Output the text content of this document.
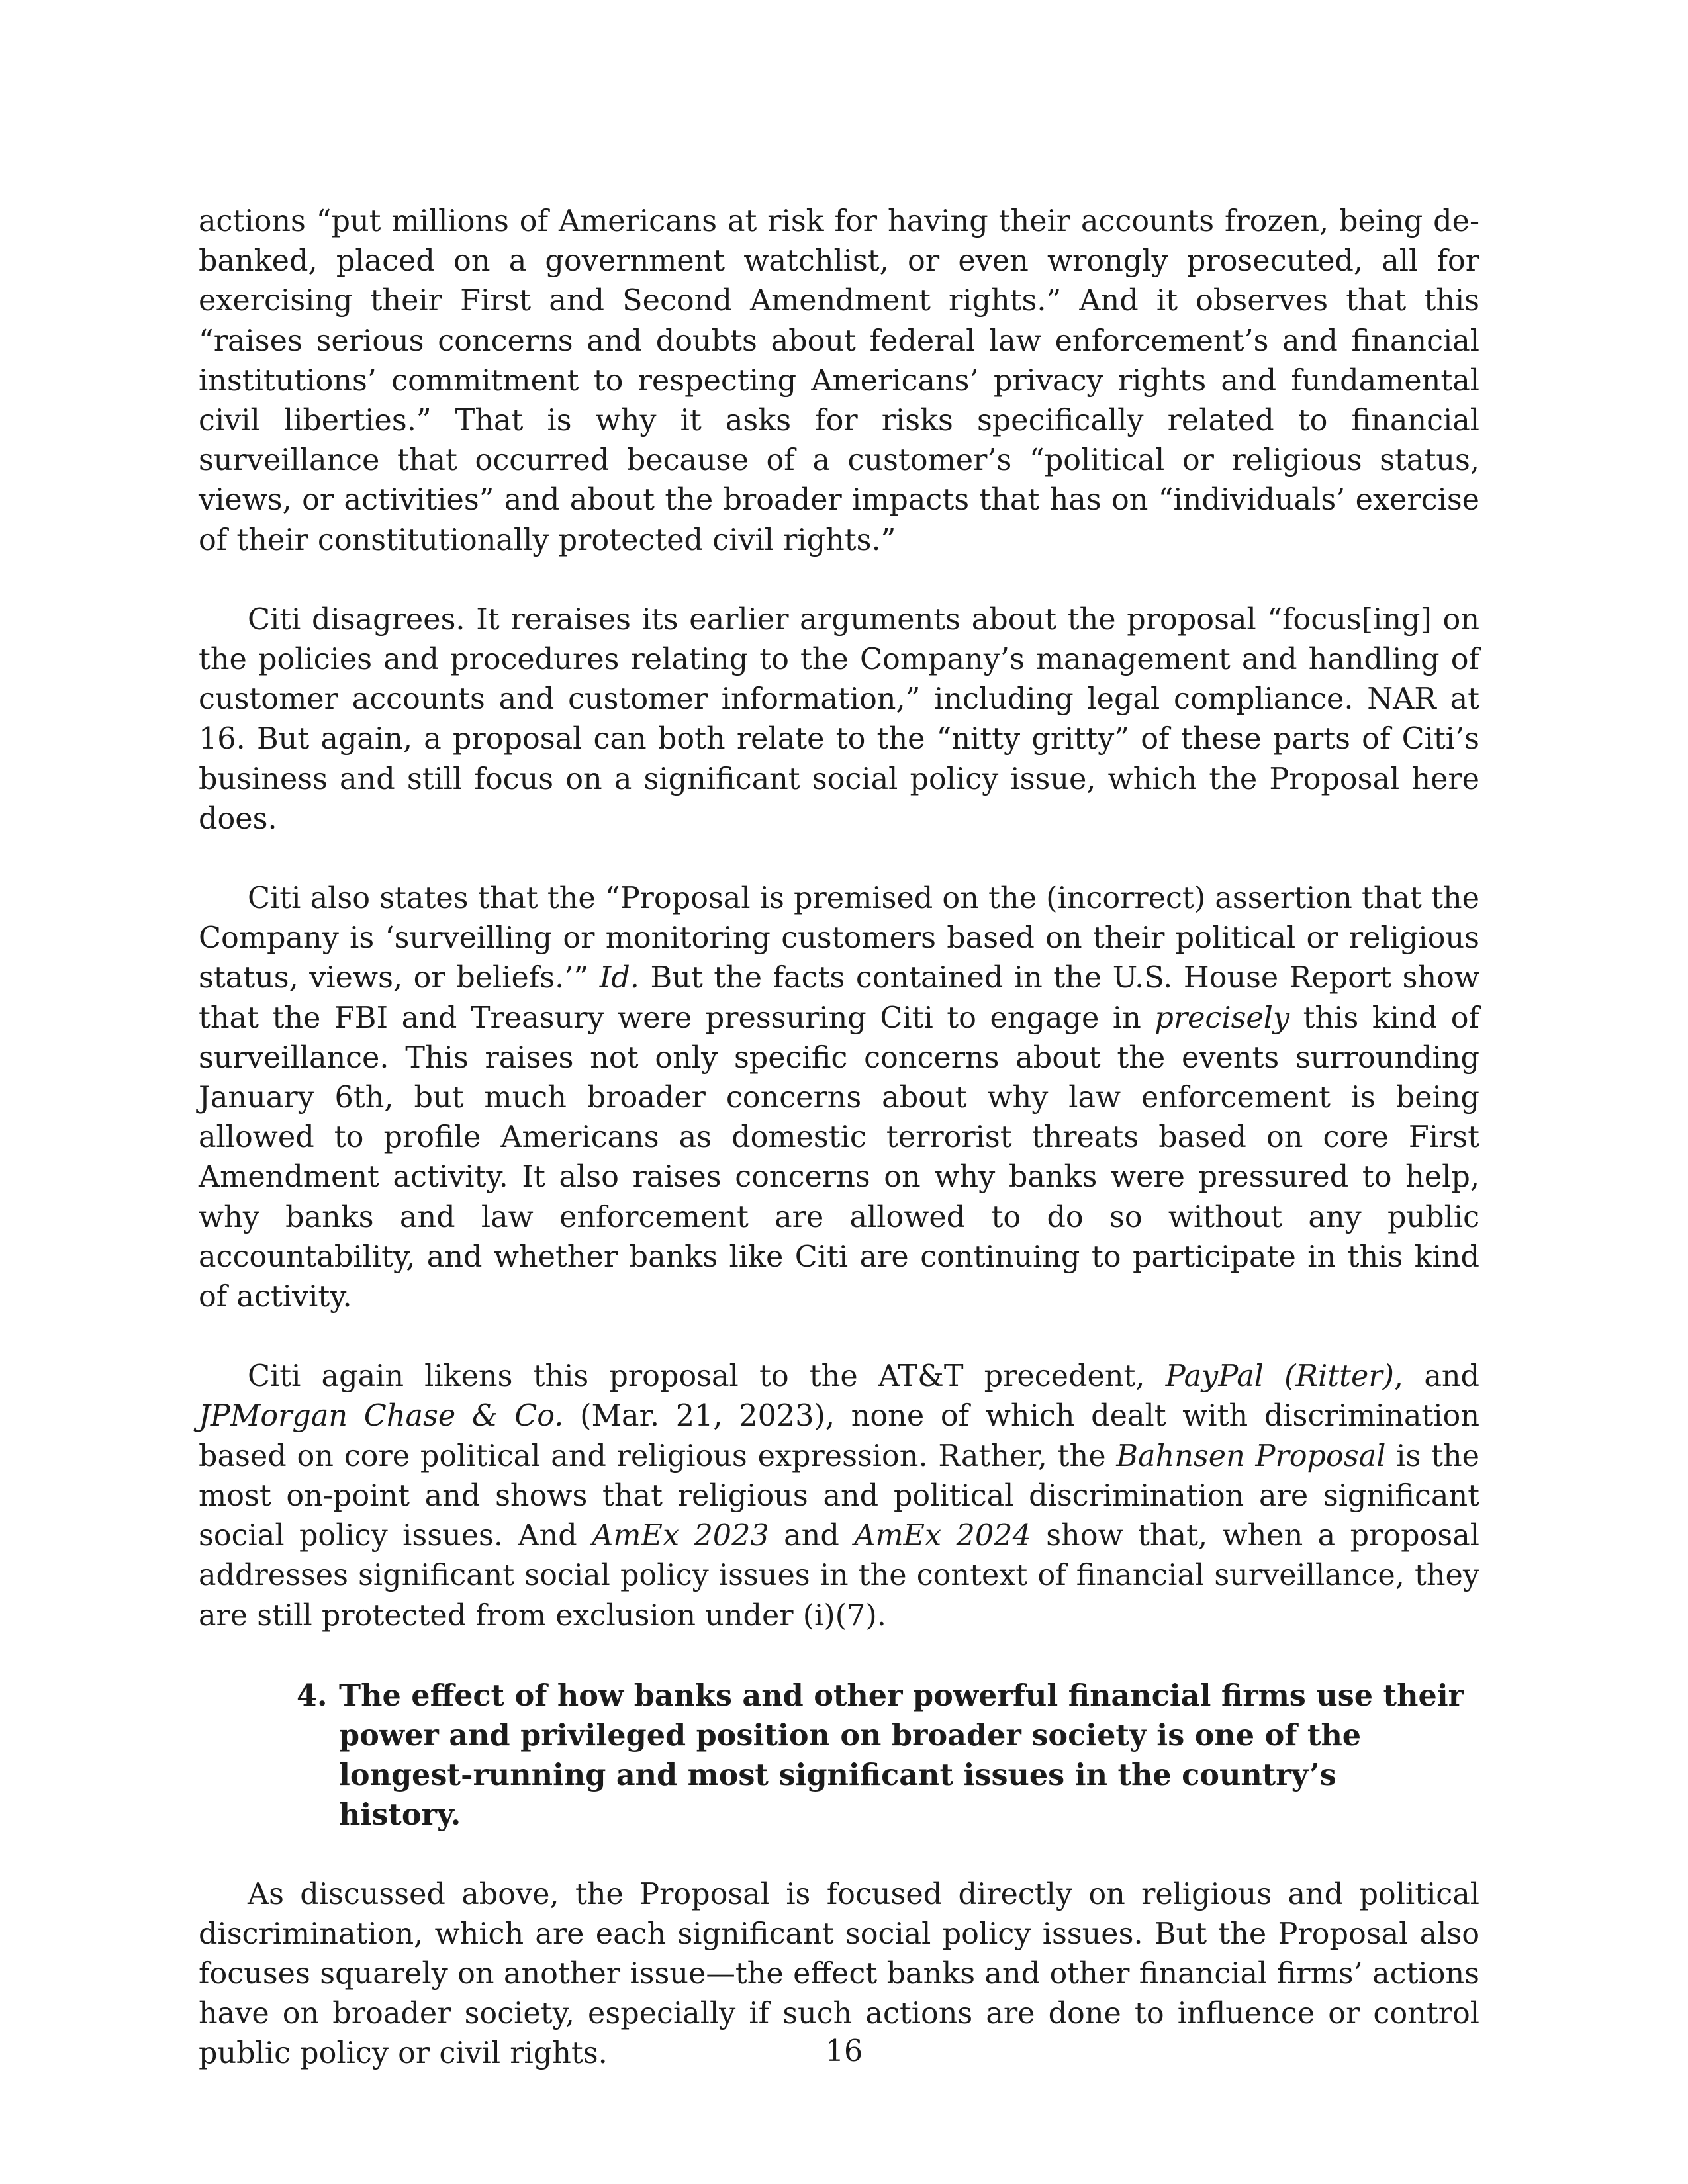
actions “put millions of Americans at risk for having their accounts frozen, being de-banked, placed on a government watchlist, or even wrongly prosecuted, all for exercising their First and Second Amendment rights.” And it observes that this “raises serious concerns and doubts about federal law enforcement’s and financial institutions’ commitment to respecting Americans’ privacy rights and fundamental civil liberties.” That is why it asks for risks specifically related to financial surveillance that occurred because of a customer’s “political or religious status, views, or activities” and about the broader impacts that has on “individuals’ exercise of their constitutionally protected civil rights.”

Citi disagrees. It reraises its earlier arguments about the proposal “focus[ing] on the policies and procedures relating to the Company’s management and handling of customer accounts and customer information,” including legal compliance. NAR at 16. But again, a proposal can both relate to the “nitty gritty” of these parts of Citi’s business and still focus on a significant social policy issue, which the Proposal here does.

Citi also states that the “Proposal is premised on the (incorrect) assertion that the Company is ‘surveilling or monitoring customers based on their political or religious status, views, or beliefs.’” Id. But the facts contained in the U.S. House Report show that the FBI and Treasury were pressuring Citi to engage in precisely this kind of surveillance. This raises not only specific concerns about the events surrounding January 6th, but much broader concerns about why law enforcement is being allowed to profile Americans as domestic terrorist threats based on core First Amendment activity. It also raises concerns on why banks were pressured to help, why banks and law enforcement are allowed to do so without any public accountability, and whether banks like Citi are continuing to participate in this kind of activity.

Citi again likens this proposal to the AT&T precedent, PayPal (Ritter), and JPMorgan Chase & Co. (Mar. 21, 2023), none of which dealt with discrimination based on core political and religious expression. Rather, the Bahnsen Proposal is the most on-point and shows that religious and political discrimination are significant social policy issues. And AmEx 2023 and AmEx 2024 show that, when a proposal addresses significant social policy issues in the context of financial surveillance, they are still protected from exclusion under (i)(7).

4. The effect of how banks and other powerful financial firms use their power and privileged position on broader society is one of the longest-running and most significant issues in the country’s history.

As discussed above, the Proposal is focused directly on religious and political discrimination, which are each significant social policy issues. But the Proposal also focuses squarely on another issue—the effect banks and other financial firms’ actions have on broader society, especially if such actions are done to influence or control public policy or civil rights.	16
